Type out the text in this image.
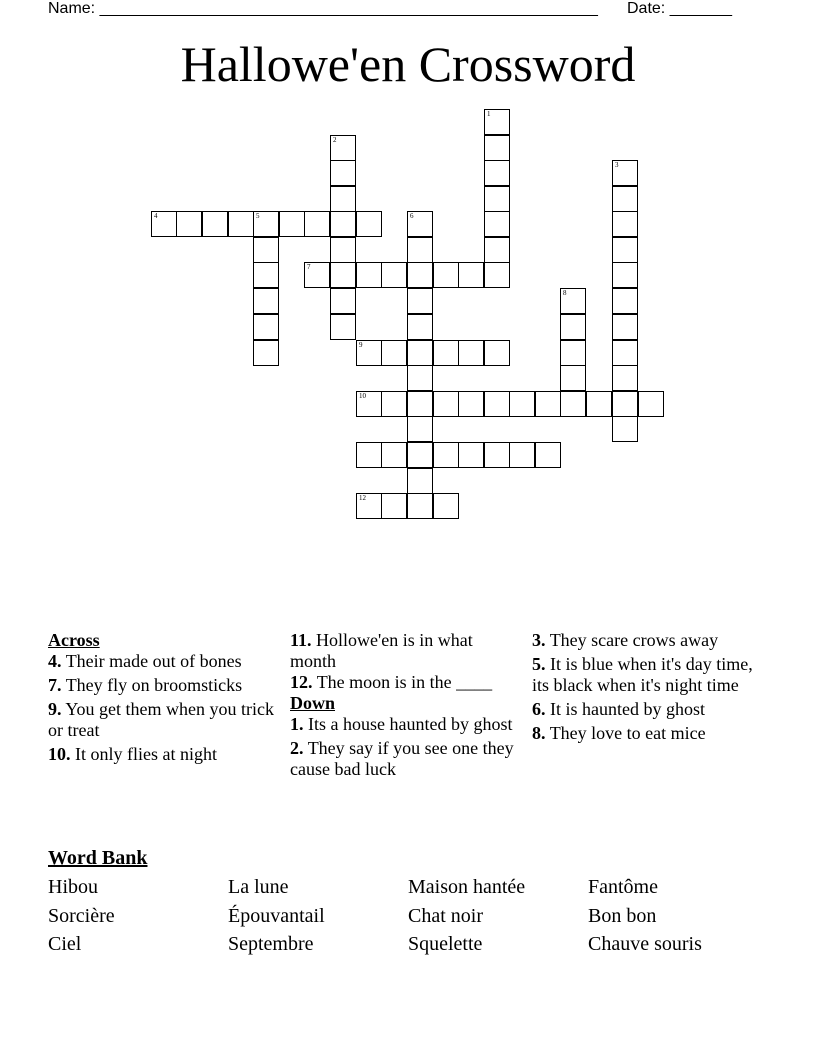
Name: ________________________________________________________ Date: _______
Hallowe'en Crossword
1
2
3
4	5	6
7
8
9
10
12

Across

4. Their made out of bones

7. They fly on broomsticks

9. You get them when you trick or treat

10. It only flies at night

11. Hollowe'en is in what month

12. The moon is in the ____

Down

1. Its a house haunted by ghost

2. They say if you see one they cause bad luck

3. They scare crows away

5. It is blue when it's day time, its black when it's night time

6. It is haunted by ghost

8. They love to eat mice

Word Bank
Hibou	La lune	Maison hantée	Fantôme
Sorcière	Épouvantail	Chat noir	Bon bon
Ciel	Septembre	Squelette	Chauve souris
